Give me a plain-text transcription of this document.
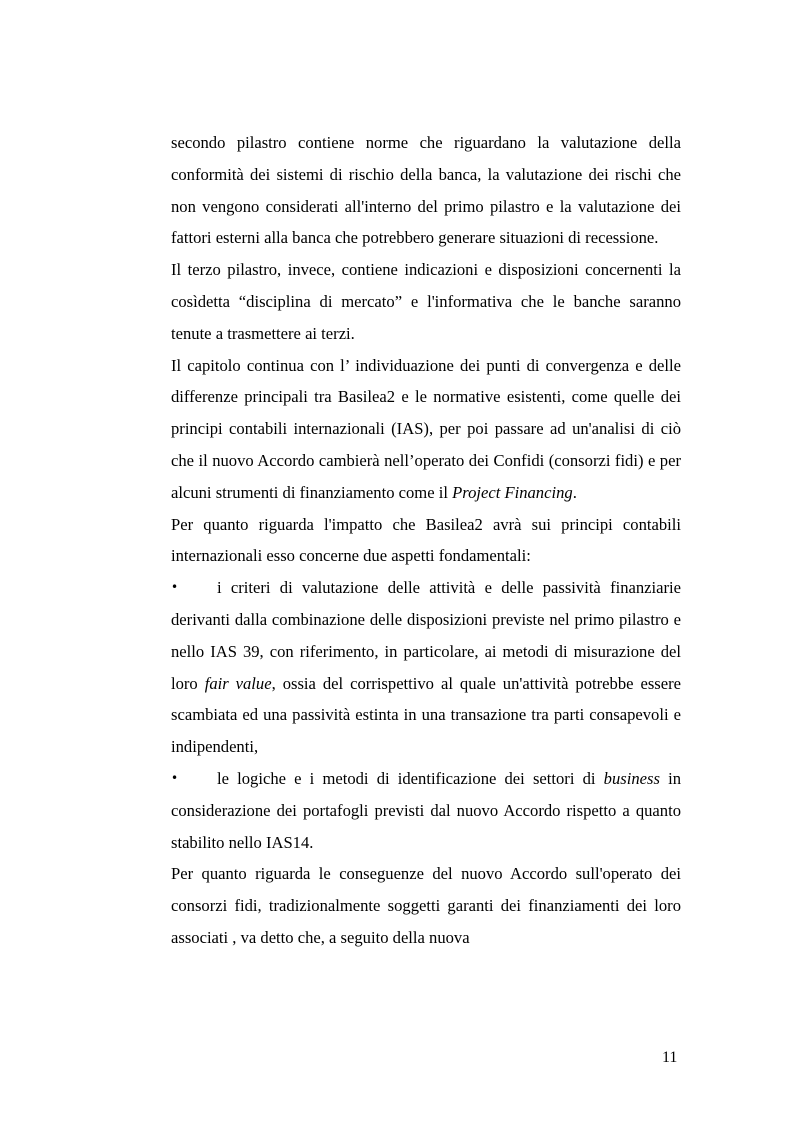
secondo pilastro contiene norme che riguardano la valutazione della conformità dei sistemi di rischio della banca, la valutazione dei rischi che non vengono considerati all'interno del primo pilastro e la valutazione dei fattori esterni alla banca che potrebbero generare situazioni di recessione.

Il terzo pilastro, invece, contiene indicazioni e disposizioni concernenti la cosìdetta “disciplina di mercato” e l'informativa che le banche saranno tenute a trasmettere ai terzi.

Il capitolo continua con l’ individuazione dei punti di convergenza e delle differenze principali tra Basilea2 e le normative esistenti, come quelle dei principi contabili internazionali (IAS), per poi passare ad un'analisi di ciò che il nuovo Accordo cambierà nell’operato dei Confidi (consorzi fidi) e per alcuni strumenti di finanziamento come il Project Financing.

Per quanto riguarda l'impatto che Basilea2 avrà sui principi contabili internazionali esso concerne due aspetti fondamentali:

• i criteri di valutazione delle attività e delle passività finanziarie derivanti dalla combinazione delle disposizioni previste nel primo pilastro e nello IAS 39, con riferimento, in particolare, ai metodi di misurazione del loro fair value, ossia del corrispettivo al quale un'attività potrebbe essere scambiata ed una passività estinta in una transazione tra parti consapevoli e indipendenti,

• le logiche e i metodi di identificazione dei settori di business in considerazione dei portafogli previsti dal nuovo Accordo rispetto a quanto stabilito nello IAS14.

Per quanto riguarda le conseguenze del nuovo Accordo sull'operato dei consorzi fidi, tradizionalmente soggetti garanti dei finanziamenti dei loro associati , va detto che, a seguito della nuova

11
